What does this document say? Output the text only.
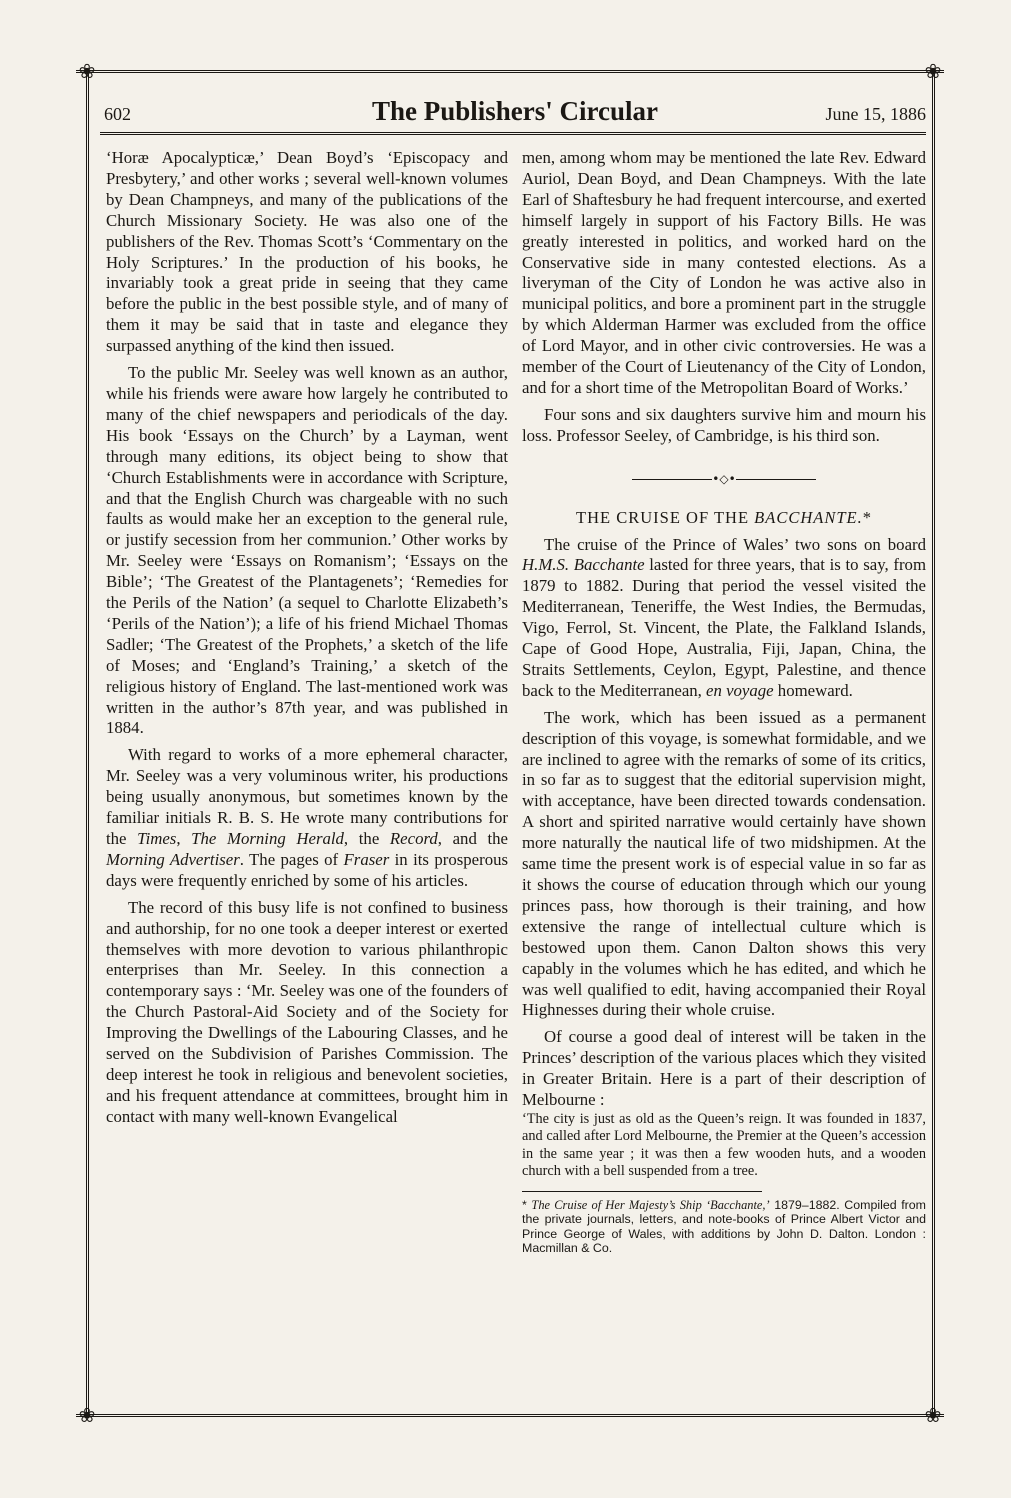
❀	❀
❀	❀
602	The Publishers' Circular	June 15, 1886

‘Horæ Apocalypticæ,’ Dean Boyd’s ‘Episcopacy and Presbytery,’ and other works ; several well-known volumes by Dean Champneys, and many of the publications of the Church Missionary Society. He was also one of the publishers of the Rev. Thomas Scott’s ‘Commentary on the Holy Scriptures.’ In the production of his books, he invariably took a great pride in seeing that they came before the public in the best possible style, and of many of them it may be said that in taste and elegance they surpassed anything of the kind then issued.

To the public Mr. Seeley was well known as an author, while his friends were aware how largely he contributed to many of the chief newspapers and periodicals of the day. His book ‘Essays on the Church’ by a Layman, went through many editions, its object being to show that ‘Church Establishments were in accordance with Scripture, and that the English Church was chargeable with no such faults as would make her an exception to the general rule, or justify secession from her communion.’ Other works by Mr. Seeley were ‘Essays on Romanism’; ‘Essays on the Bible’; ‘The Greatest of the Plantagenets’; ‘Remedies for the Perils of the Nation’ (a sequel to Charlotte Elizabeth’s ‘Perils of the Nation’); a life of his friend Michael Thomas Sadler; ‘The Greatest of the Prophets,’ a sketch of the life of Moses; and ‘England’s Training,’ a sketch of the religious history of England. The last-mentioned work was written in the author’s 87th year, and was published in 1884.

With regard to works of a more ephemeral character, Mr. Seeley was a very voluminous writer, his productions being usually anonymous, but sometimes known by the familiar initials R. B. S. He wrote many contributions for the Times, The Morning Herald, the Record, and the Morning Advertiser. The pages of Fraser in its prosperous days were frequently enriched by some of his articles.

The record of this busy life is not confined to business and authorship, for no one took a deeper interest or exerted themselves with more devotion to various philanthropic enterprises than Mr. Seeley. In this connection a contemporary says : ‘Mr. Seeley was one of the founders of the Church Pastoral-Aid Society and of the Society for Improving the Dwellings of the Labouring Classes, and he served on the Subdivision of Parishes Commission. The deep interest he took in religious and benevolent societies, and his frequent attendance at committees, brought him in contact with many well-known Evangelical

men, among whom may be mentioned the late Rev. Edward Auriol, Dean Boyd, and Dean Champneys. With the late Earl of Shaftesbury he had frequent intercourse, and exerted himself largely in support of his Factory Bills. He was greatly interested in politics, and worked hard on the Conservative side in many contested elections. As a liveryman of the City of London he was active also in municipal politics, and bore a prominent part in the struggle by which Alderman Harmer was excluded from the office of Lord Mayor, and in other civic controversies. He was a member of the Court of Lieutenancy of the City of London, and for a short time of the Metropolitan Board of Works.’

Four sons and six daughters survive him and mourn his loss. Professor Seeley, of Cambridge, is his third son.

•◇•
THE CRUISE OF THE BACCHANTE.*

The cruise of the Prince of Wales’ two sons on board H.M.S. Bacchante lasted for three years, that is to say, from 1879 to 1882. During that period the vessel visited the Mediterranean, Teneriffe, the West Indies, the Bermudas, Vigo, Ferrol, St. Vincent, the Plate, the Falkland Islands, Cape of Good Hope, Australia, Fiji, Japan, China, the Straits Settlements, Ceylon, Egypt, Palestine, and thence back to the Mediterranean, en voyage homeward.

The work, which has been issued as a permanent description of this voyage, is somewhat formidable, and we are inclined to agree with the remarks of some of its critics, in so far as to suggest that the editorial supervision might, with acceptance, have been directed towards condensation. A short and spirited narrative would certainly have shown more naturally the nautical life of two midshipmen. At the same time the present work is of especial value in so far as it shows the course of education through which our young princes pass, how thorough is their training, and how extensive the range of intellectual culture which is bestowed upon them. Canon Dalton shows this very capably in the volumes which he has edited, and which he was well qualified to edit, having accompanied their Royal Highnesses during their whole cruise.

Of course a good deal of interest will be taken in the Princes’ description of the various places which they visited in Greater Britain. Here is a part of their description of Melbourne :

‘The city is just as old as the Queen’s reign. It was founded in 1837, and called after Lord Melbourne, the Premier at the Queen’s accession in the same year ; it was then a few wooden huts, and a wooden church with a bell suspended from a tree.

* The Cruise of Her Majesty’s Ship ‘Bacchante,’ 1879–1882. Compiled from the private journals, letters, and note-books of Prince Albert Victor and Prince George of Wales, with additions by John D. Dalton. London : Macmillan & Co.
